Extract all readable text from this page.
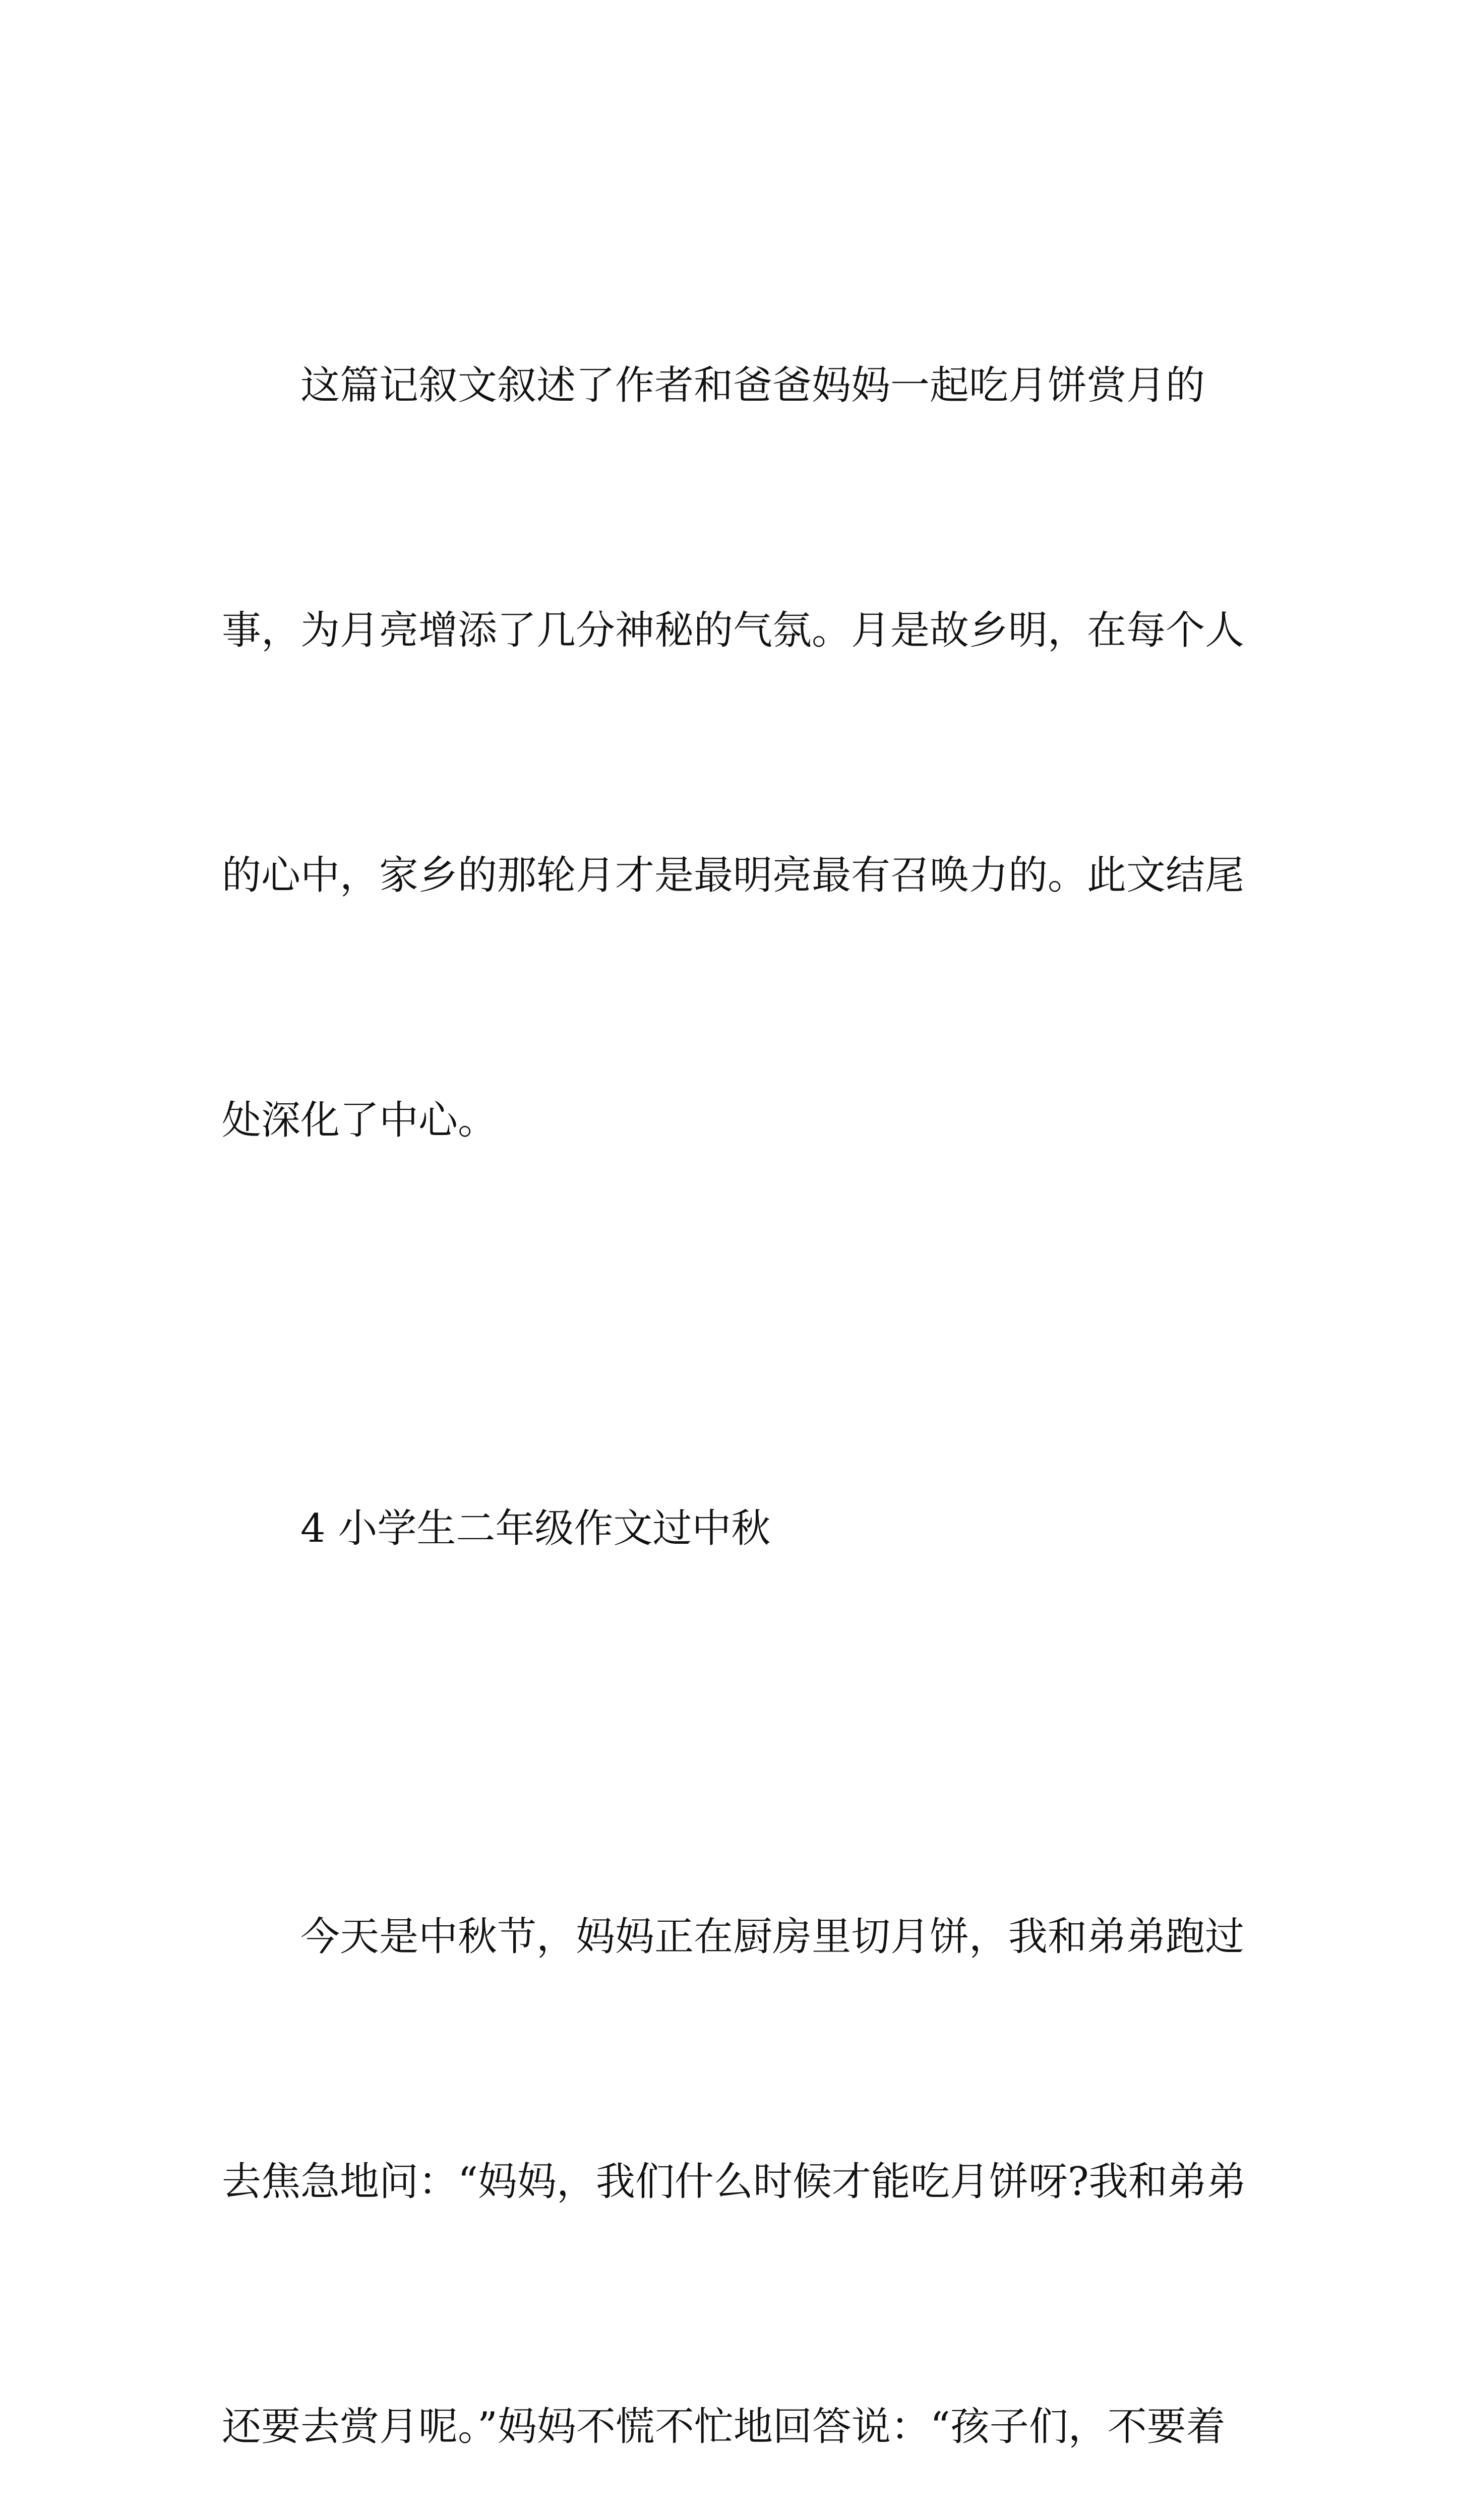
　　这篇记叙文叙述了作者和爸爸妈妈一起吃月饼赏月的

事，为月亮增添了几分神秘的气氛。月是故乡明，在每个人

的心中，家乡的那轮月才是最明亮最有召唤力的。此文结尾

处深化了中心。

　　4 小学生二年级作文过中秋

　　今天是中秋节，妈妈正在厨房里切月饼，我和弟弟跑过

去焦急地问：“妈妈，我们什么时候才能吃月饼呀?我和弟弟

还要去赏月呢。”妈妈不慌不忙地回答说：“孩子们，不要着
